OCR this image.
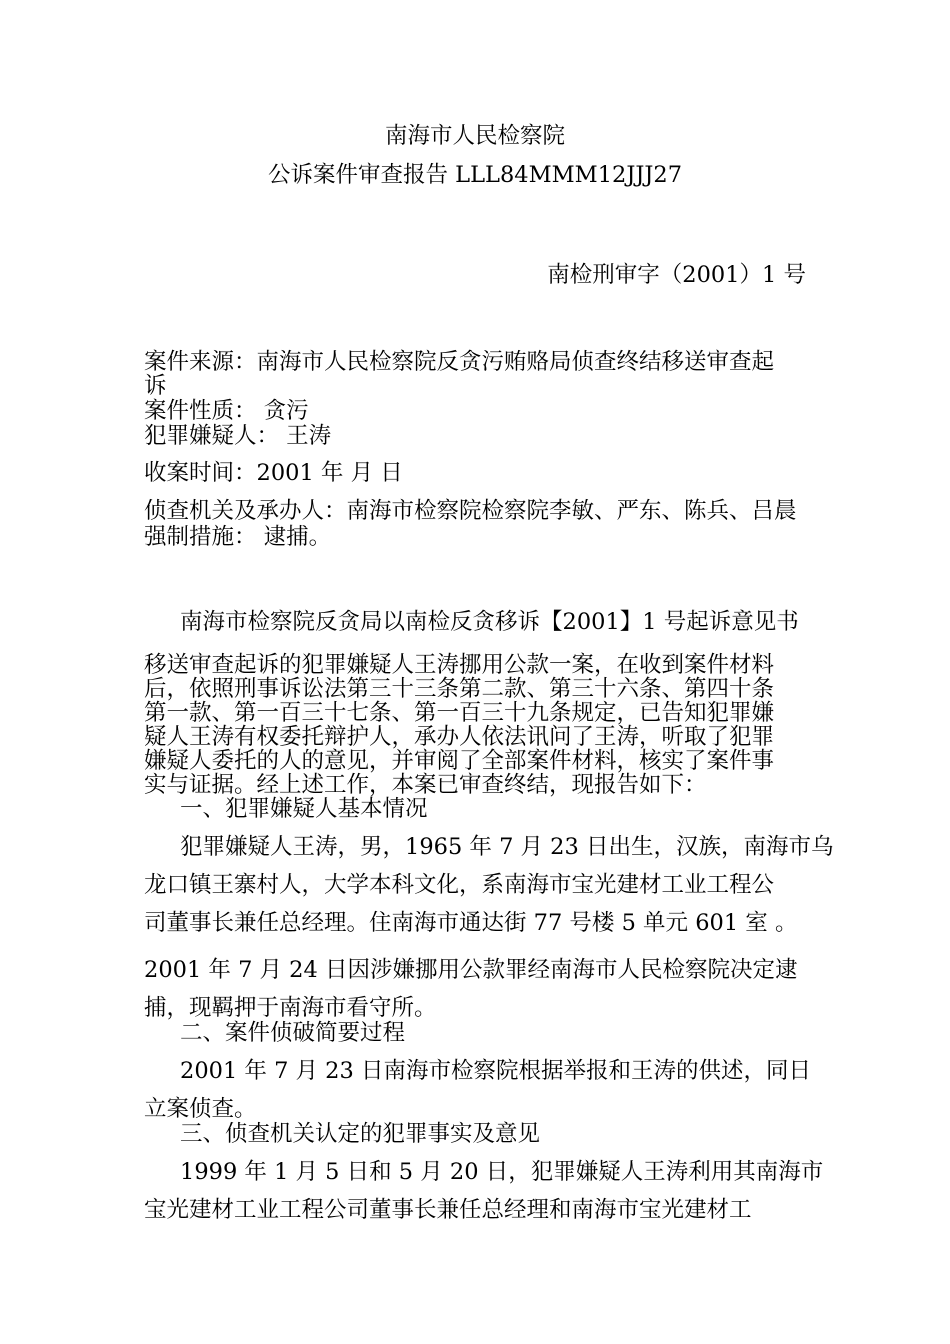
南海市人民检察院
公诉案件审查报告 LLL84MMM12JJJ27
南检刑审字（2001）1 号
案件来源：南海市人民检察院反贪污贿赂局侦查终结移送审查起
诉
案件性质： 贪污
犯罪嫌疑人： 王涛
收案时间：2001 年 月 日
侦查机关及承办人：南海市检察院检察院李敏、严东、陈兵、吕晨
强制措施： 逮捕。
南海市检察院反贪局以南检反贪移诉【2001】1 号起诉意见书
移送审查起诉的犯罪嫌疑人王涛挪用公款一案，在收到案件材料
后，依照刑事诉讼法第三十三条第二款、第三十六条、第四十条
第一款、第一百三十七条、第一百三十九条规定，已告知犯罪嫌
疑人王涛有权委托辩护人，承办人依法讯问了王涛，听取了犯罪
嫌疑人委托的人的意见，并审阅了全部案件材料，核实了案件事
实与证据。经上述工作，本案已审查终结，现报告如下：
一、犯罪嫌疑人基本情况
犯罪嫌疑人王涛，男，1965 年 7 月 23 日出生，汉族，南海市乌
龙口镇王寨村人，大学本科文化，系南海市宝光建材工业工程公
司董事长兼任总经理。住南海市通达街 77 号楼 5 单元 601 室 。
2001 年 7 月 24 日因涉嫌挪用公款罪经南海市人民检察院决定逮
捕，现羁押于南海市看守所。
二、案件侦破简要过程
2001 年 7 月 23 日南海市检察院根据举报和王涛的供述，同日
立案侦查。
三、侦查机关认定的犯罪事实及意见
1999 年 1 月 5 日和 5 月 20 日，犯罪嫌疑人王涛利用其南海市
宝光建材工业工程公司董事长兼任总经理和南海市宝光建材工
